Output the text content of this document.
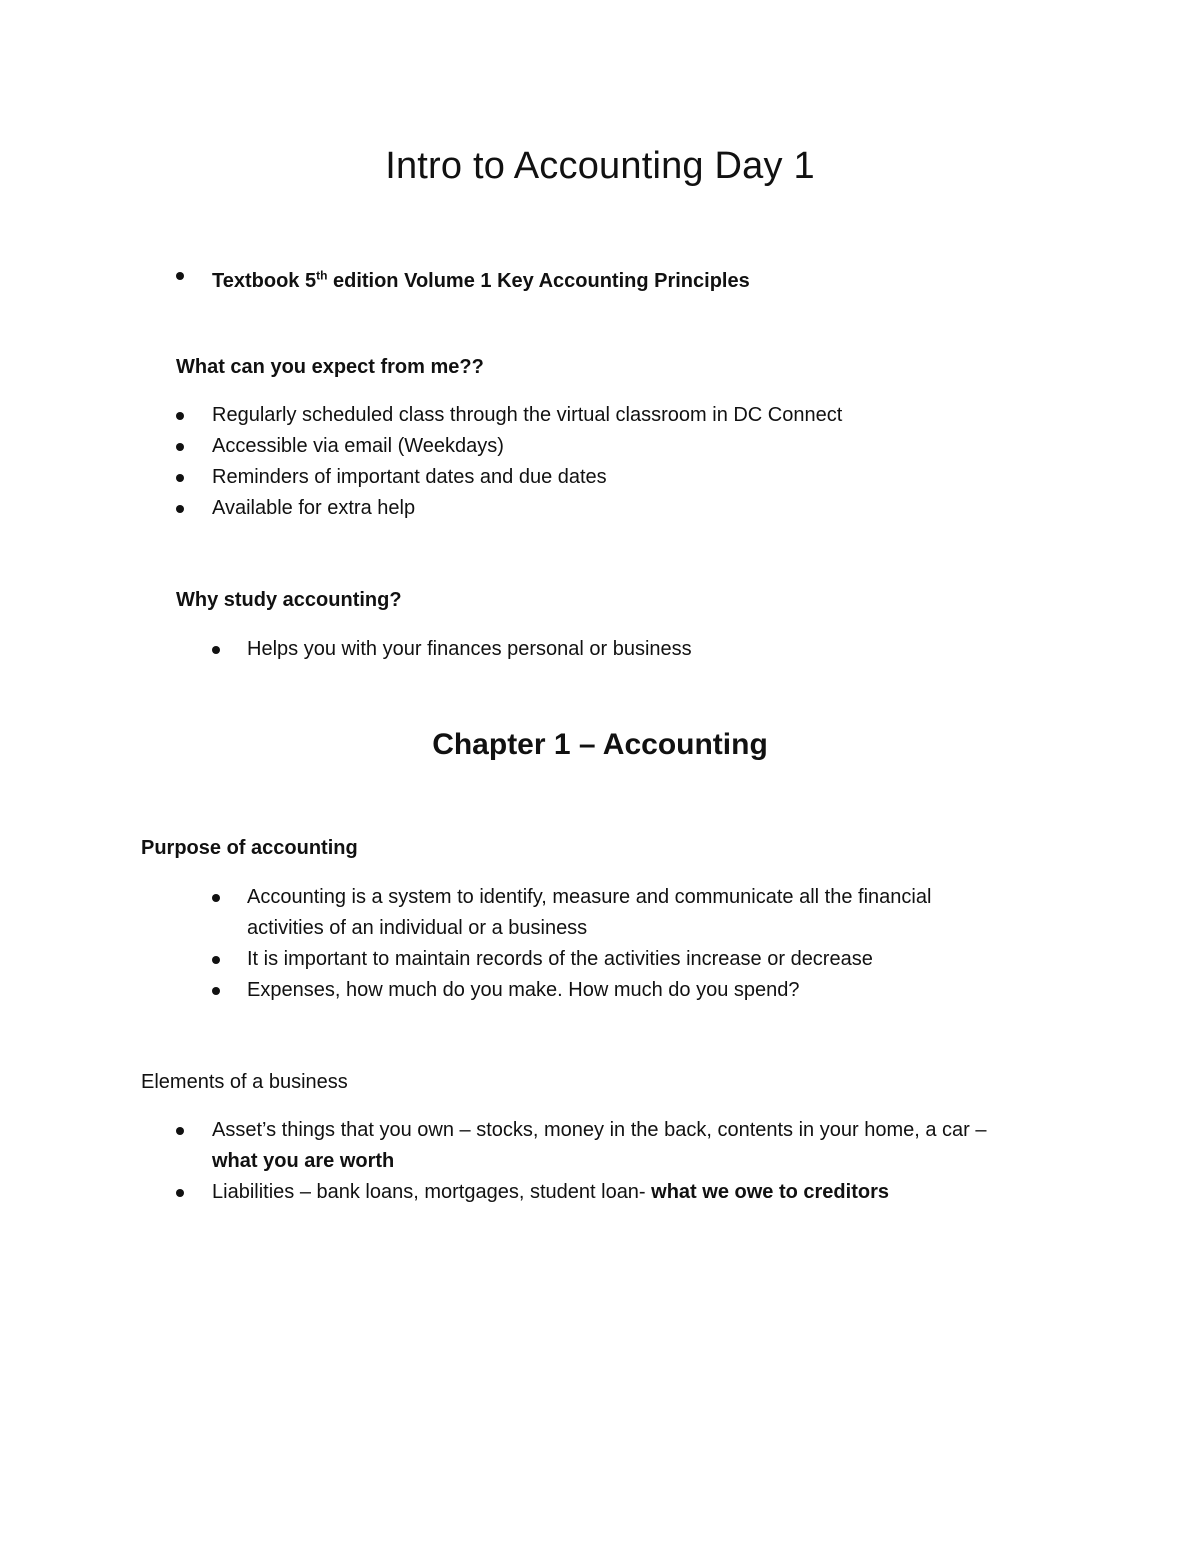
Intro to Accounting Day 1
Textbook 5th edition Volume 1 Key Accounting Principles
What can you expect from me??
Regularly scheduled class through the virtual classroom in DC Connect
Accessible via email (Weekdays)
Reminders of important dates and due dates
Available for extra help
Why study accounting?
Helps you with your finances personal or business
Chapter 1 – Accounting
Purpose of accounting
Accounting is a system to identify, measure and communicate all the financial
activities of an individual or a business
It is important to maintain records of the activities increase or decrease
Expenses, how much do you make. How much do you spend?
Elements of a business
Asset’s things that you own – stocks, money in the back, contents in your home, a car –
what you are worth
Liabilities – bank loans, mortgages, student loan- what we owe to creditors
